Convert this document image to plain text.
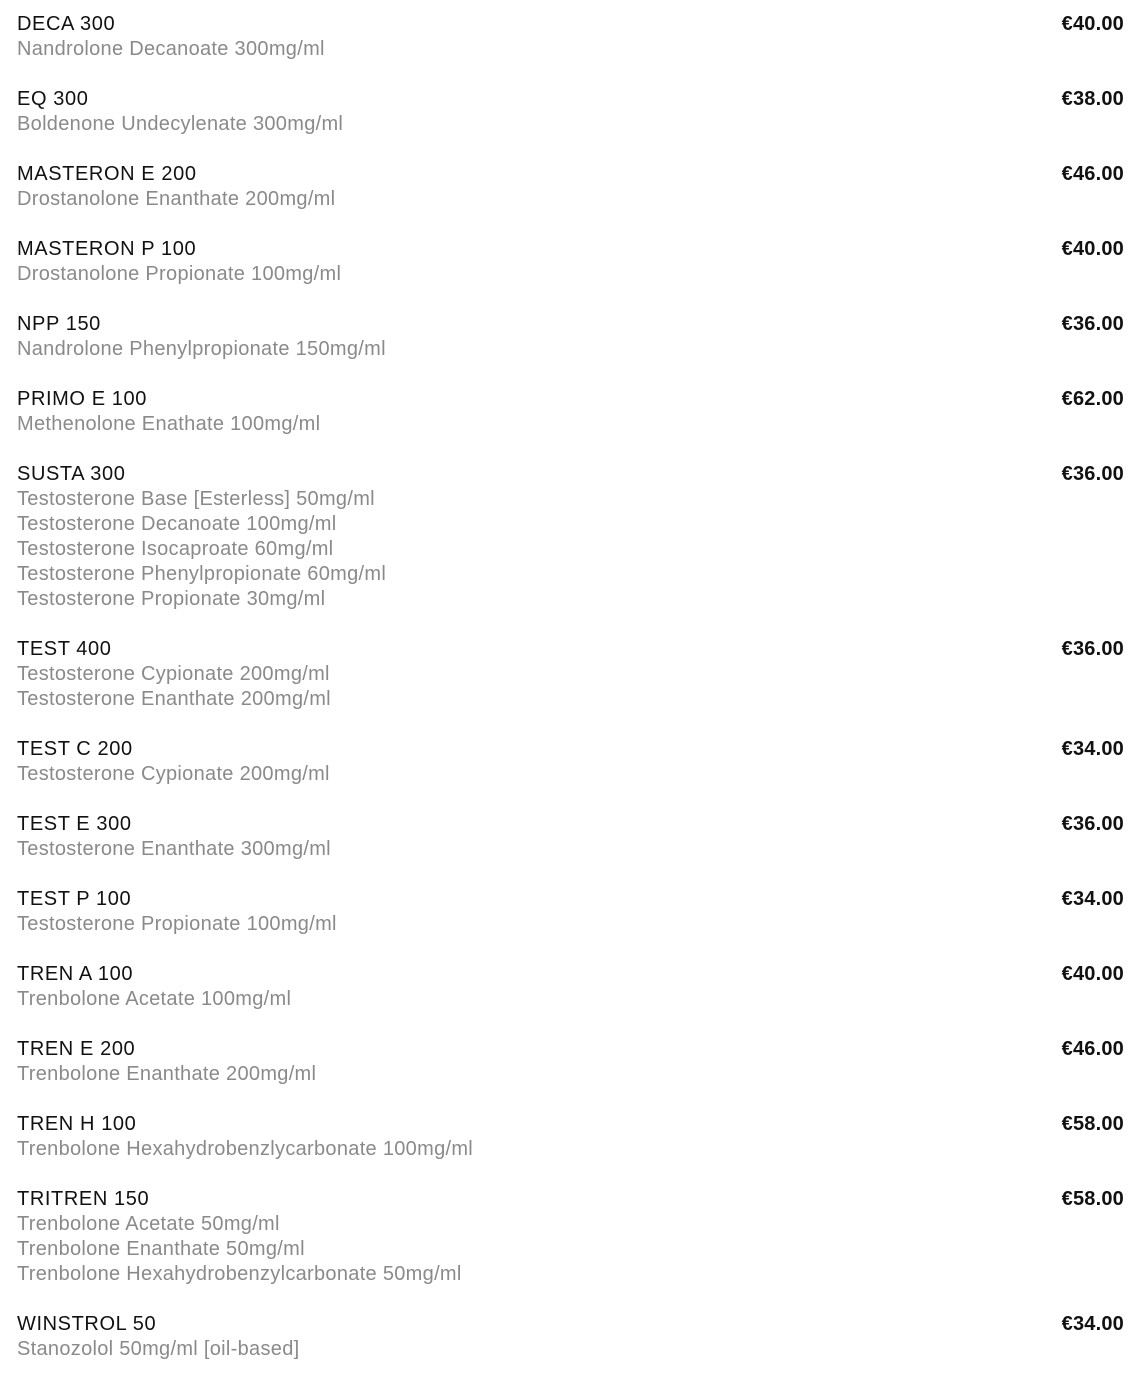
DECA 300	€40.00
Nandrolone Decanoate 300mg/ml
EQ 300	€38.00
Boldenone Undecylenate 300mg/ml
MASTERON E 200	€46.00
Drostanolone Enanthate 200mg/ml
MASTERON P 100	€40.00
Drostanolone Propionate 100mg/ml
NPP 150	€36.00
Nandrolone Phenylpropionate 150mg/ml
PRIMO E 100	€62.00
Methenolone Enathate 100mg/ml
SUSTA 300	€36.00
Testosterone Base [Esterless] 50mg/ml
Testosterone Decanoate 100mg/ml
Testosterone Isocaproate 60mg/ml
Testosterone Phenylpropionate 60mg/ml
Testosterone Propionate 30mg/ml
TEST 400	€36.00
Testosterone Cypionate 200mg/ml
Testosterone Enanthate 200mg/ml
TEST C 200	€34.00
Testosterone Cypionate 200mg/ml
TEST E 300	€36.00
Testosterone Enanthate 300mg/ml
TEST P 100	€34.00
Testosterone Propionate 100mg/ml
TREN A 100	€40.00
Trenbolone Acetate 100mg/ml
TREN E 200	€46.00
Trenbolone Enanthate 200mg/ml
TREN H 100	€58.00
Trenbolone Hexahydrobenzlycarbonate 100mg/ml
TRITREN 150	€58.00
Trenbolone Acetate 50mg/ml
Trenbolone Enanthate 50mg/ml
Trenbolone Hexahydrobenzylcarbonate 50mg/ml
WINSTROL 50	€34.00
Stanozolol 50mg/ml [oil-based]
